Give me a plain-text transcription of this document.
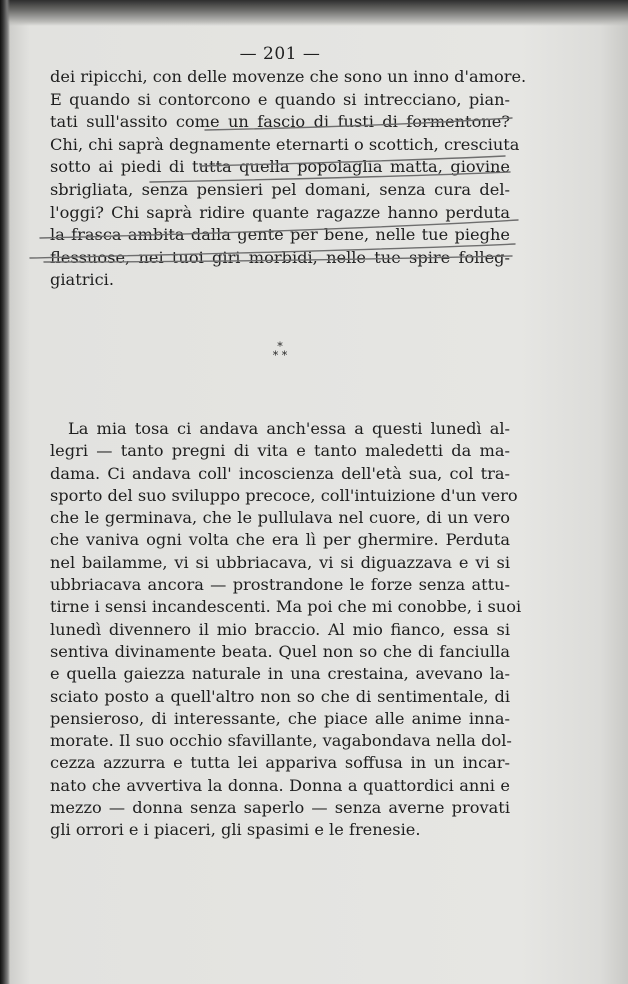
— 201 —
dei ripicchi, con delle movenze che sono un inno d'amore.
E quando si contorcono e quando si intrecciano, pian-
tati sull'assito come un fascio di fusti di formentone?
Chi, chi saprà degnamente eternarti o scottich, cresciuta
sotto ai piedi di tutta quella popolaglia matta, giovine
sbrigliata, senza pensieri pel domani, senza cura del-
l'oggi? Chi saprà ridire quante ragazze hanno perduta
la frasca ambita dalla gente per bene, nelle tue pieghe
flessuose, nei tuoi giri morbidi, nelle tue spire folleg-
giatrici.
*
* *
La mia tosa ci andava anch'essa a questi lunedì al-
legri — tanto pregni di vita e tanto maledetti da ma-
dama. Ci andava coll' incoscienza dell'età sua, col tra-
sporto del suo sviluppo precoce, coll'intuizione d'un vero
che le germinava, che le pullulava nel cuore, di un vero
che vaniva ogni volta che era lì per ghermire. Perduta
nel bailamme, vi si ubbriacava, vi si diguazzava e vi si
ubbriacava ancora — prostrandone le forze senza attu-
tirne i sensi incandescenti. Ma poi che mi conobbe, i suoi
lunedì divennero il mio braccio. Al mio fianco, essa si
sentiva divinamente beata. Quel non so che di fanciulla
e quella gaiezza naturale in una crestaina, avevano la-
sciato posto a quell'altro non so che di sentimentale, di
pensieroso, di interessante, che piace alle anime inna-
morate. Il suo occhio sfavillante, vagabondava nella dol-
cezza azzurra e tutta lei appariva soffusa in un incar-
nato che avvertiva la donna. Donna a quattordici anni e
mezzo — donna senza saperlo — senza averne provati
gli orrori e i piaceri, gli spasimi e le frenesie.
